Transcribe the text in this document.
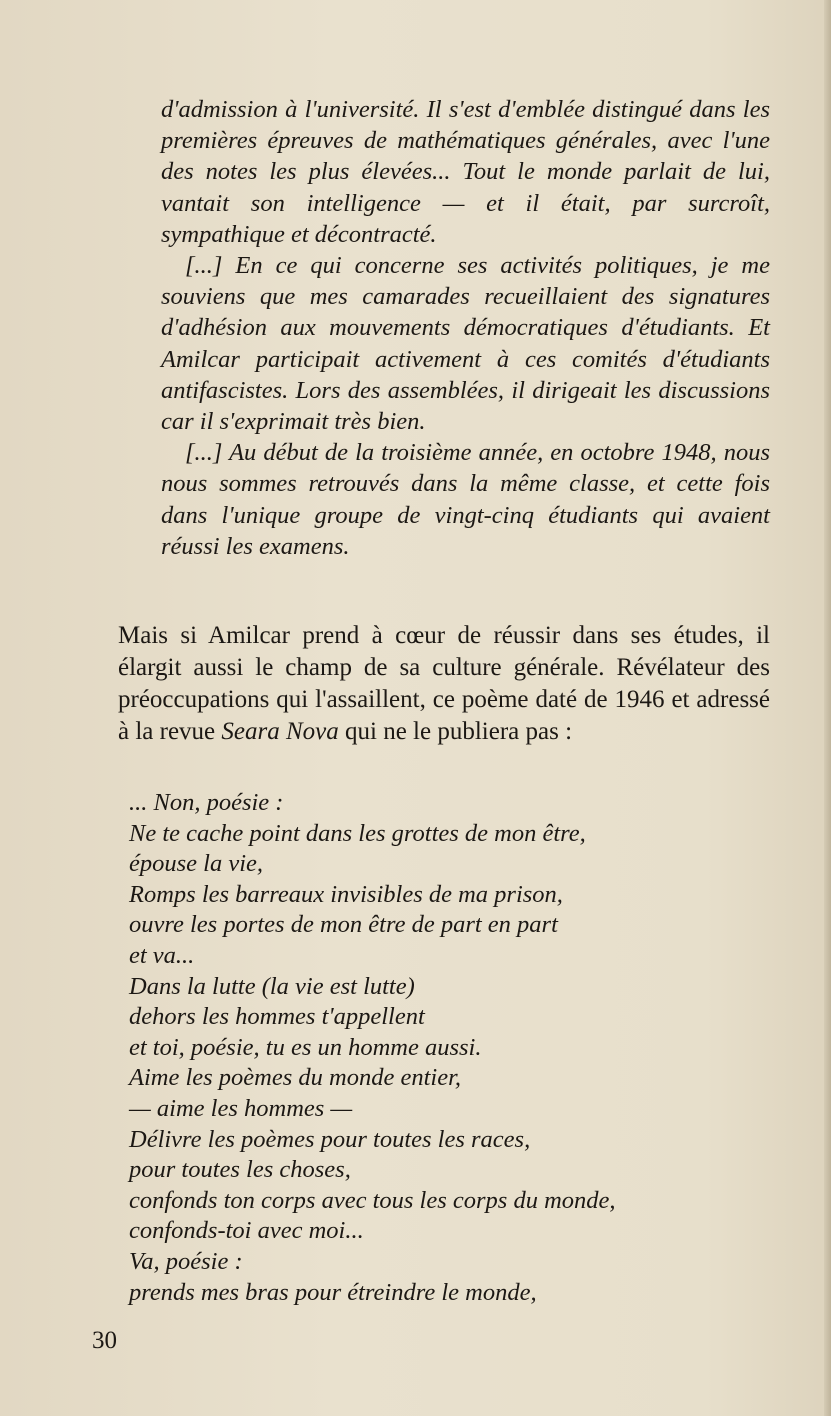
d'admission à l'université. Il s'est d'emblée distingué dans les premières épreuves de mathématiques générales, avec l'une des notes les plus élevées... Tout le monde parlait de lui, vantait son intelligence — et il était, par surcroît, sympathique et décontracté.

[...] En ce qui concerne ses activités politiques, je me souviens que mes camarades recueillaient des signatures d'adhésion aux mouvements démocratiques d'étudiants. Et Amilcar participait activement à ces comités d'étudiants antifascistes. Lors des assemblées, il dirigeait les discussions car il s'exprimait très bien.

[...] Au début de la troisième année, en octobre 1948, nous nous sommes retrouvés dans la même classe, et cette fois dans l'unique groupe de vingt-cinq étudiants qui avaient réussi les examens.

Mais si Amilcar prend à cœur de réussir dans ses études, il élargit aussi le champ de sa culture générale. Révélateur des préoccupations qui l'assaillent, ce poème daté de 1946 et adressé à la revue Seara Nova qui ne le publiera pas :

... Non, poésie :
Ne te cache point dans les grottes de mon être,
épouse la vie,
Romps les barreaux invisibles de ma prison,
ouvre les portes de mon être de part en part
et va...
Dans la lutte (la vie est lutte)
dehors les hommes t'appellent
et toi, poésie, tu es un homme aussi.
Aime les poèmes du monde entier,
— aime les hommes —
Délivre les poèmes pour toutes les races,
pour toutes les choses,
confonds ton corps avec tous les corps du monde,
confonds-toi avec moi...
Va, poésie :
prends mes bras pour étreindre le monde,
30
